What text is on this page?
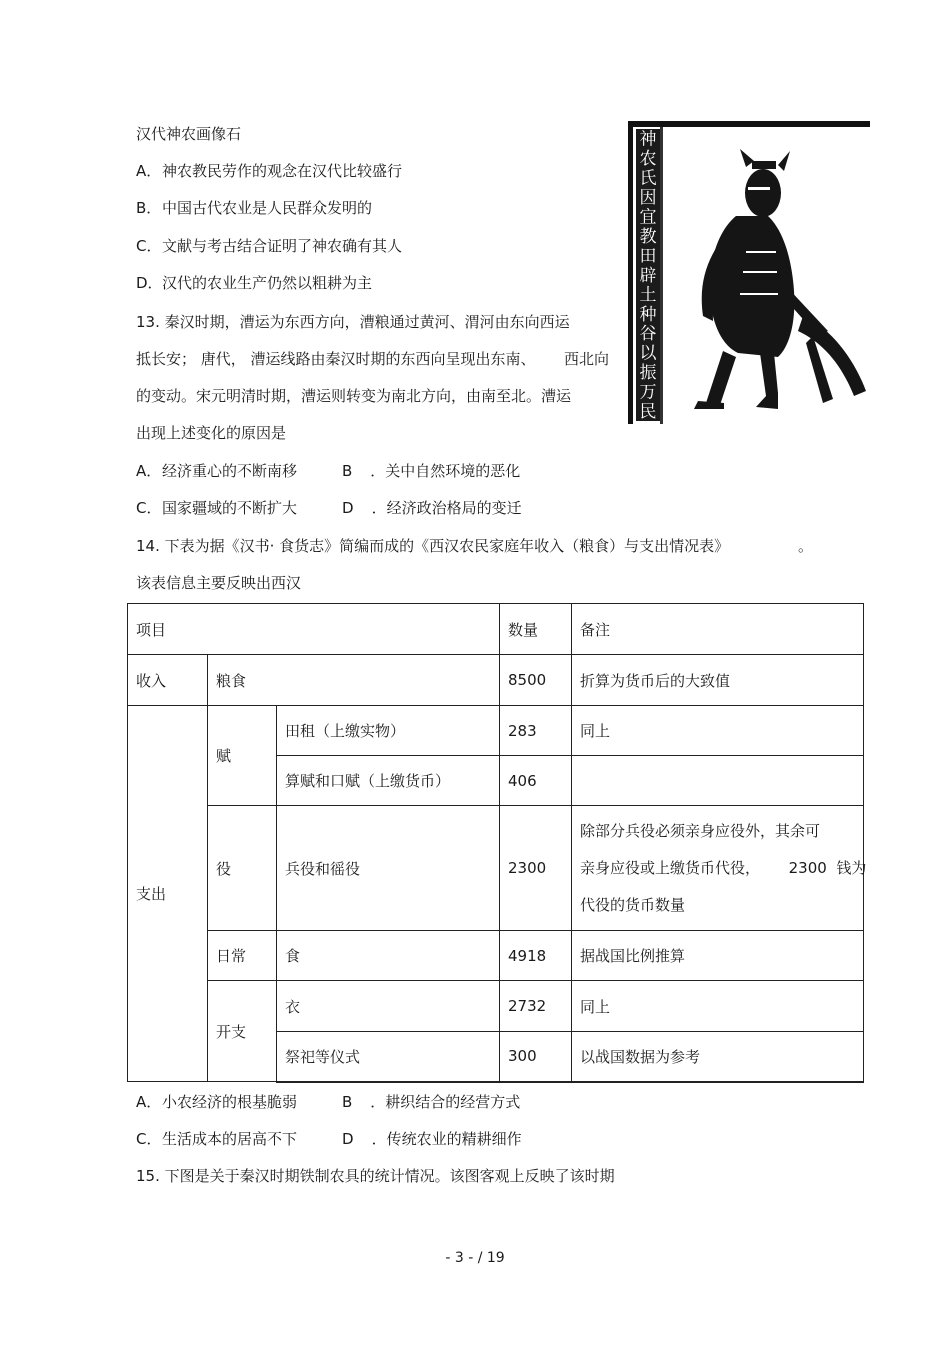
汉代神农画像石
A．神农教民劳作的观念在汉代比较盛行
B．中国古代农业是人民群众发明的
C．文献与考古结合证明了神农确有其人
D．汉代的农业生产仍然以粗耕为主
神
农
氏
因
宜
教
田
辟
土
种
谷
以
振
万
民
13. 秦汉时期，漕运为东西方向，漕粮通过黄河、渭河由东向西运
抵长安； 唐代， 漕运线路由秦汉时期的东西向呈现出东南、 西北向
的变动。宋元明清时期，漕运则转变为南北方向，由南至北。漕运
出现上述变化的原因是
A．经济重心的不断南移	B ．关中自然环境的恶化
C．国家疆域的不断扩大	D ．经济政治格局的变迁
14. 下表为据《汉书· 食货志》简编而成的《西汉农民家庭年收入（粮食）与支出情况表》	。
该表信息主要反映出西汉
项目			数量	备注
收入	粮食		8500	折算为货币后的大致值
支出	赋	田租（上缴实物）	283	同上
		算赋和口赋（上缴货币）	406	
	役	兵役和徭役	2300	除部分兵役必须亲身应役外，其余可
亲身应役或上缴货币代役，      2300  钱为
代役的货币数量

	日常	食	4918	据战国比例推算
	开支	衣	2732	同上
		祭祀等仪式	300	以战国数据为参考
A．小农经济的根基脆弱	B ．耕织结合的经营方式
C．生活成本的居高不下	D ．传统农业的精耕细作
15. 下图是关于秦汉时期铁制农具的统计情况。该图客观上反映了该时期
- 3 - / 19
